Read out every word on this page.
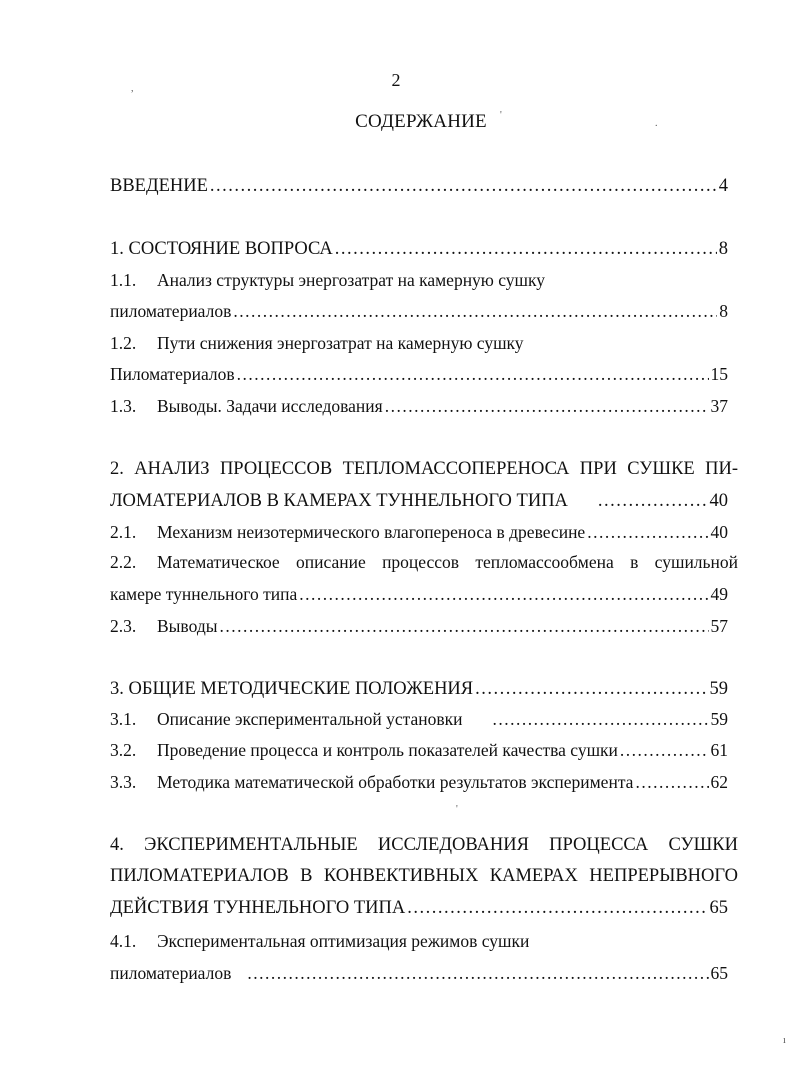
2
СОДЕРЖАНИЕ
,
'
.
ВВЕДЕНИЕ .....	4
1. СОСТОЯНИЕ ВОПРОСА .....	8
1.1.	Анализ структуры энергозатрат на камерную сушку
пиломатериалов .....	8
1.2.	Пути снижения энергозатрат на камерную сушку
Пиломатериалов .....	15
1.3.	Выводы. Задачи исследования .....	37
2. АНАЛИЗ ПРОЦЕССОВ ТЕПЛОМАССОПЕРЕНОСА ПРИ СУШКЕ ПИ-
ЛОМАТЕРИАЛОВ В КАМЕРАХ ТУННЕЛЬНОГО ТИПА .....	40
2.1.	Механизм неизотермического влагопереноса в древесине .....	40
2.2.	Математическое описание процессов тепломассообмена в сушильной
камере туннельного типа .....	49
2.3.	Выводы .....	57
3. ОБЩИЕ МЕТОДИЧЕСКИЕ ПОЛОЖЕНИЯ .....	59
3.1.	Описание экспериментальной установки .....	59
3.2.	Проведение процесса и контроль показателей качества сушки .....	61
3.3.	Методика математической обработки результатов эксперимента .....	62
'
4. ЭКСПЕРИМЕНТАЛЬНЫЕ ИССЛЕДОВАНИЯ ПРОЦЕССА СУШКИ
ПИЛОМАТЕРИАЛОВ В КОНВЕКТИВНЫХ КАМЕРАХ НЕПРЕРЫВНОГО
ДЕЙСТВИЯ ТУННЕЛЬНОГО ТИПА .....	65
4.1.	Экспериментальная оптимизация режимов сушки
пиломатериалов .....	65
ı
